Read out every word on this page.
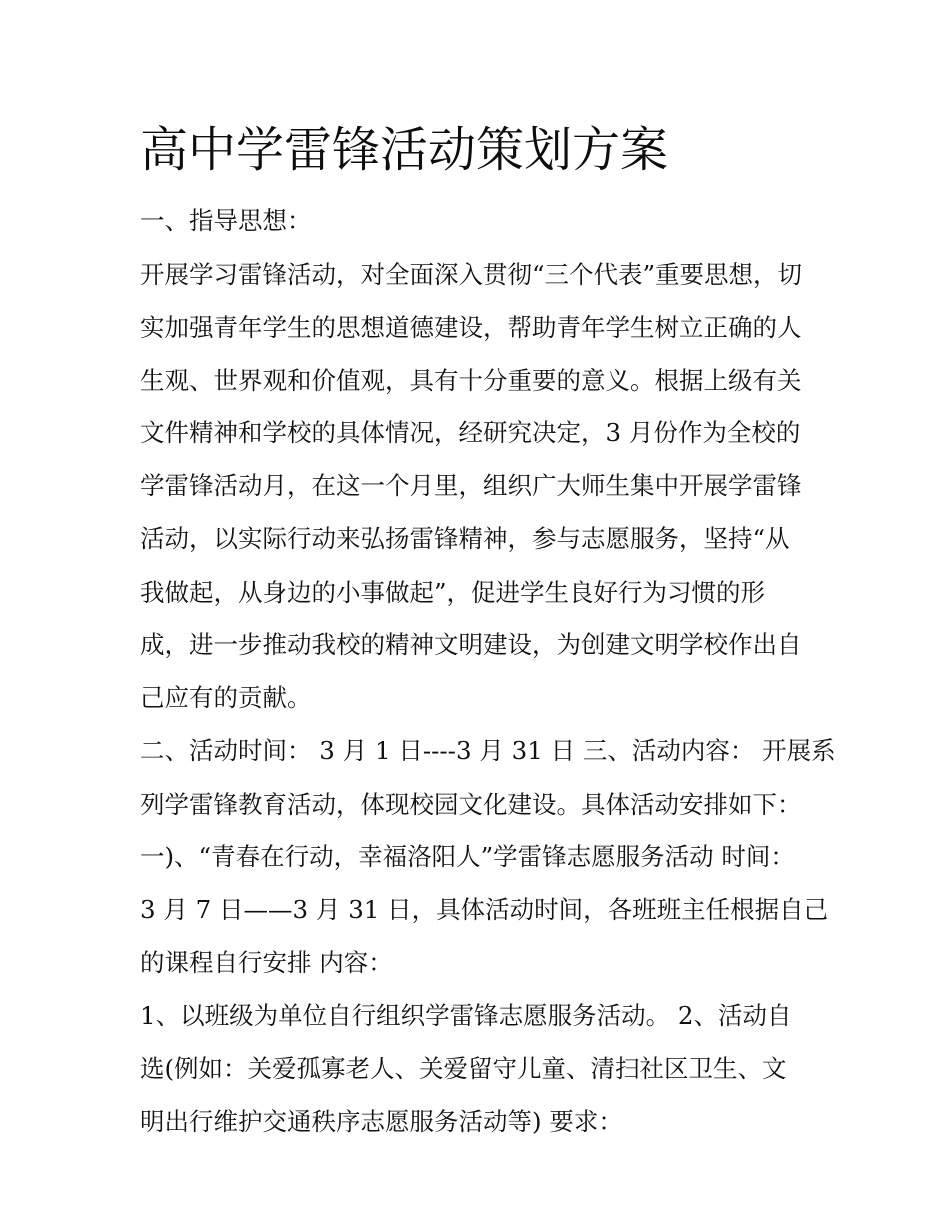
高中学雷锋活动策划方案

一、指导思想：

开展学习雷锋活动，对全面深入贯彻“三个代表”重要思想，切

实加强青年学生的思想道德建设，帮助青年学生树立正确的人

生观、世界观和价值观，具有十分重要的意义。根据上级有关

文件精神和学校的具体情况，经研究决定，3 月份作为全校的

学雷锋活动月，在这一个月里，组织广大师生集中开展学雷锋

活动，以实际行动来弘扬雷锋精神，参与志愿服务，坚持“从

我做起，从身边的小事做起”，促进学生良好行为习惯的形

成，进一步推动我校的精神文明建设，为创建文明学校作出自

己应有的贡献。

二、活动时间： 3 月 1 日----3 月 31 日 三、活动内容： 开展系

列学雷锋教育活动，体现校园文化建设。具体活动安排如下：

一)、“青春在行动，幸福洛阳人”学雷锋志愿服务活动 时间：

3 月 7 日——3 月 31 日，具体活动时间，各班班主任根据自己

的课程自行安排 内容：

1、以班级为单位自行组织学雷锋志愿服务活动。 2、活动自

选(例如：关爱孤寡老人、关爱留守儿童、清扫社区卫生、文

明出行维护交通秩序志愿服务活动等) 要求：
